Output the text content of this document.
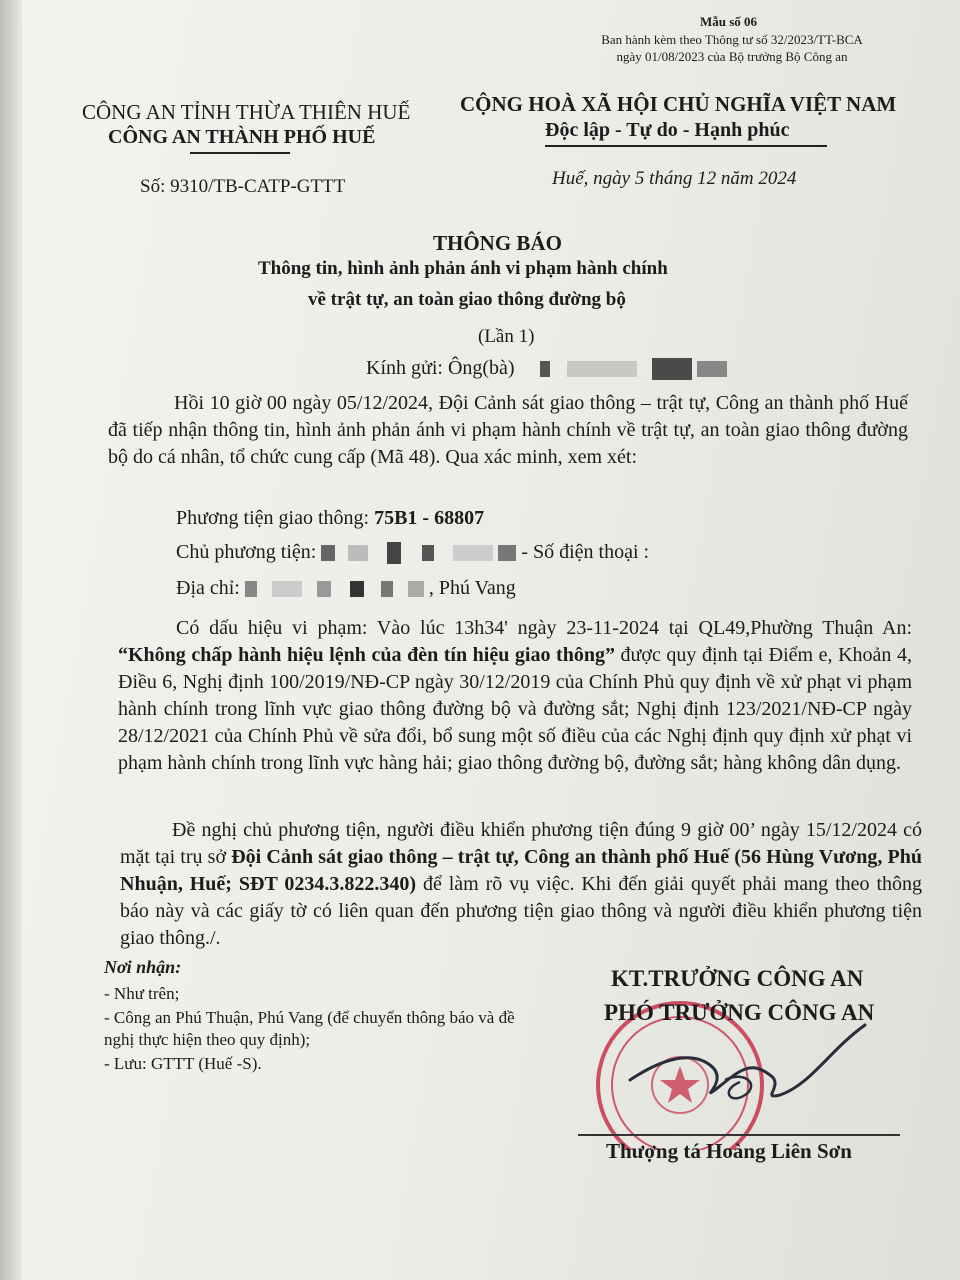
Mẫu số 06
Ban hành kèm theo Thông tư số 32/2023/TT-BCA
ngày 01/08/2023 của Bộ trưởng Bộ Công an
CÔNG AN TỈNH THỪA THIÊN HUẾ
CÔNG AN THÀNH PHỐ HUẾ
CỘNG HOÀ XÃ HỘI CHỦ NGHĨA VIỆT NAM
Độc lập - Tự do - Hạnh phúc
Số: 9310/TB-CATP-GTTT	Huế, ngày 5 tháng 12 năm 2024
THÔNG BÁO
Thông tin, hình ảnh phản ánh vi phạm hành chính
về trật tự, an toàn giao thông đường bộ
(Lần 1)
Kính gửi: Ông(bà)
Hồi 10 giờ 00 ngày 05/12/2024, Đội Cảnh sát giao thông – trật tự, Công an thành phố Huế đã tiếp nhận thông tin, hình ảnh phản ánh vi phạm hành chính về trật tự, an toàn giao thông đường bộ do cá nhân, tổ chức cung cấp (Mã 48). Qua xác minh, xem xét:
Phương tiện giao thông: 75B1 - 68807
Chủ phương tiện:	- Số điện thoại :
Địa chỉ:	, Phú Vang
Có dấu hiệu vi phạm: Vào lúc 13h34' ngày 23-11-2024 tại QL49,Phường Thuận An: “Không chấp hành hiệu lệnh của đèn tín hiệu giao thông” được quy định tại Điểm e, Khoản 4, Điều 6, Nghị định 100/2019/NĐ-CP ngày 30/12/2019 của Chính Phủ quy định về xử phạt vi phạm hành chính trong lĩnh vực giao thông đường bộ và đường sắt; Nghị định 123/2021/NĐ-CP ngày 28/12/2021 của Chính Phủ về sửa đổi, bổ sung một số điều của các Nghị định quy định xử phạt vi phạm hành chính trong lĩnh vực hàng hải; giao thông đường bộ, đường sắt; hàng không dân dụng.
Đề nghị chủ phương tiện, người điều khiển phương tiện đúng 9 giờ 00’ ngày 15/12/2024 có mặt tại trụ sở Đội Cảnh sát giao thông – trật tự, Công an thành phố Huế (56 Hùng Vương, Phú Nhuận, Huế; SĐT 0234.3.822.340) để làm rõ vụ việc. Khi đến giải quyết phải mang theo thông báo này và các giấy tờ có liên quan đến phương tiện giao thông và người điều khiển phương tiện giao thông./.
Nơi nhận:
- Như trên;
- Công an Phú Thuận, Phú Vang (để chuyển thông báo và đề nghị thực hiện theo quy định);
- Lưu: GTTT (Huế -S).
KT.TRƯỞNG CÔNG AN
PHÓ TRƯỞNG CÔNG AN
Thượng tá Hoàng Liên Sơn
